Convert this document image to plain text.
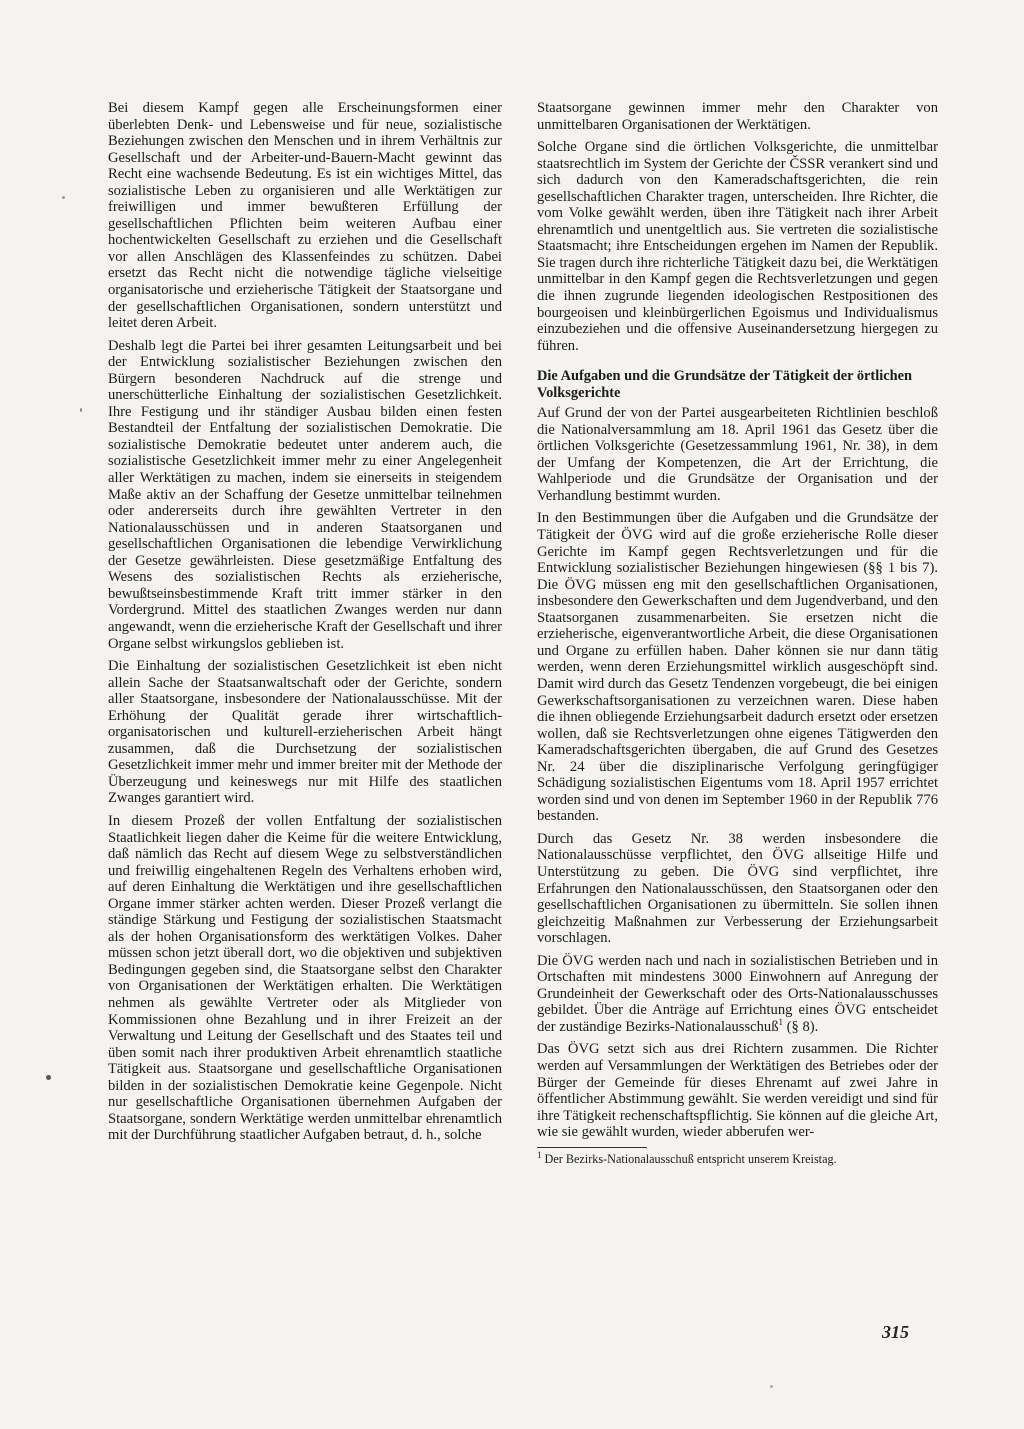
Bei diesem Kampf gegen alle Erscheinungsformen einer überlebten Denk- und Lebensweise und für neue, sozialistische Beziehungen zwischen den Menschen und in ihrem Verhältnis zur Gesellschaft und der Arbeiter-und-Bauern-Macht gewinnt das Recht eine wachsende Bedeutung. Es ist ein wichtiges Mittel, das sozialistische Leben zu organisieren und alle Werktätigen zur freiwilligen und immer bewußteren Erfüllung der gesellschaftlichen Pflichten beim weiteren Aufbau einer hochentwickelten Gesellschaft zu erziehen und die Gesellschaft vor allen Anschlägen des Klassenfeindes zu schützen. Dabei ersetzt das Recht nicht die notwendige tägliche vielseitige organisatorische und erzieherische Tätigkeit der Staatsorgane und der gesellschaftlichen Organisationen, sondern unterstützt und leitet deren Arbeit.

Deshalb legt die Partei bei ihrer gesamten Leitungsarbeit und bei der Entwicklung sozialistischer Beziehungen zwischen den Bürgern besonderen Nachdruck auf die strenge und unerschütterliche Einhaltung der sozialistischen Gesetzlichkeit. Ihre Festigung und ihr ständiger Ausbau bilden einen festen Bestandteil der Entfaltung der sozialistischen Demokratie. Die sozialistische Demokratie bedeutet unter anderem auch, die sozialistische Gesetzlichkeit immer mehr zu einer Angelegenheit aller Werktätigen zu machen, indem sie einerseits in steigendem Maße aktiv an der Schaffung der Gesetze unmittelbar teilnehmen oder andererseits durch ihre gewählten Vertreter in den Nationalausschüssen und in anderen Staatsorganen und gesellschaftlichen Organisationen die lebendige Verwirklichung der Gesetze gewährleisten. Diese gesetzmäßige Entfaltung des Wesens des sozialistischen Rechts als erzieherische, bewußtseinsbestimmende Kraft tritt immer stärker in den Vordergrund. Mittel des staatlichen Zwanges werden nur dann angewandt, wenn die erzieherische Kraft der Gesellschaft und ihrer Organe selbst wirkungslos geblieben ist.

Die Einhaltung der sozialistischen Gesetzlichkeit ist eben nicht allein Sache der Staatsanwaltschaft oder der Gerichte, sondern aller Staatsorgane, insbesondere der Nationalausschüsse. Mit der Erhöhung der Qualität gerade ihrer wirtschaftlich-organisatorischen und kulturell-erzieherischen Arbeit hängt zusammen, daß die Durchsetzung der sozialistischen Gesetzlichkeit immer mehr und immer breiter mit der Methode der Überzeugung und keineswegs nur mit Hilfe des staatlichen Zwanges garantiert wird.

In diesem Prozeß der vollen Entfaltung der sozialistischen Staatlichkeit liegen daher die Keime für die weitere Entwicklung, daß nämlich das Recht auf diesem Wege zu selbstverständlichen und freiwillig eingehaltenen Regeln des Verhaltens erhoben wird, auf deren Einhaltung die Werktätigen und ihre gesellschaftlichen Organe immer stärker achten werden. Dieser Prozeß verlangt die ständige Stärkung und Festigung der sozialistischen Staatsmacht als der hohen Organisationsform des werktätigen Volkes. Daher müssen schon jetzt überall dort, wo die objektiven und subjektiven Bedingungen gegeben sind, die Staatsorgane selbst den Charakter von Organisationen der Werktätigen erhalten. Die Werktätigen nehmen als gewählte Vertreter oder als Mitglieder von Kommissionen ohne Bezahlung und in ihrer Freizeit an der Verwaltung und Leitung der Gesellschaft und des Staates teil und üben somit nach ihrer produktiven Arbeit ehrenamtlich staatliche Tätigkeit aus. Staatsorgane und gesellschaftliche Organisationen bilden in der sozialistischen Demokratie keine Gegenpole. Nicht nur gesellschaftliche Organisationen übernehmen Aufgaben der Staatsorgane, sondern Werktätige werden unmittelbar ehrenamtlich mit der Durchführung staatlicher Aufgaben betraut, d. h., solche

Staatsorgane gewinnen immer mehr den Charakter von unmittelbaren Organisationen der Werktätigen.

Solche Organe sind die örtlichen Volksgerichte, die unmittelbar staatsrechtlich im System der Gerichte der ČSSR verankert sind und sich dadurch von den Kameradschaftsgerichten, die rein gesellschaftlichen Charakter tragen, unterscheiden. Ihre Richter, die vom Volke gewählt werden, üben ihre Tätigkeit nach ihrer Arbeit ehrenamtlich und unentgeltlich aus. Sie vertreten die sozialistische Staatsmacht; ihre Entscheidungen ergehen im Namen der Republik. Sie tragen durch ihre richterliche Tätigkeit dazu bei, die Werktätigen unmittelbar in den Kampf gegen die Rechtsverletzungen und gegen die ihnen zugrunde liegenden ideologischen Restpositionen des bourgeoisen und kleinbürgerlichen Egoismus und Individualismus einzubeziehen und die offensive Auseinandersetzung hiergegen zu führen.

Die Aufgaben und die Grundsätze der Tätigkeit der örtlichen Volksgerichte

Auf Grund der von der Partei ausgearbeiteten Richtlinien beschloß die Nationalversammlung am 18. April 1961 das Gesetz über die örtlichen Volksgerichte (Gesetzessammlung 1961, Nr. 38), in dem der Umfang der Kompetenzen, die Art der Errichtung, die Wahlperiode und die Grundsätze der Organisation und der Verhandlung bestimmt wurden.

In den Bestimmungen über die Aufgaben und die Grundsätze der Tätigkeit der ÖVG wird auf die große erzieherische Rolle dieser Gerichte im Kampf gegen Rechtsverletzungen und für die Entwicklung sozialistischer Beziehungen hingewiesen (§§ 1 bis 7). Die ÖVG müssen eng mit den gesellschaftlichen Organisationen, insbesondere den Gewerkschaften und dem Jugendverband, und den Staatsorganen zusammenarbeiten. Sie ersetzen nicht die erzieherische, eigenverantwortliche Arbeit, die diese Organisationen und Organe zu erfüllen haben. Daher können sie nur dann tätig werden, wenn deren Erziehungsmittel wirklich ausgeschöpft sind. Damit wird durch das Gesetz Tendenzen vorgebeugt, die bei einigen Gewerkschaftsorganisationen zu verzeichnen waren. Diese haben die ihnen obliegende Erziehungsarbeit dadurch ersetzt oder ersetzen wollen, daß sie Rechtsverletzungen ohne eigenes Tätigwerden den Kameradschaftsgerichten übergaben, die auf Grund des Gesetzes Nr. 24 über die disziplinarische Verfolgung geringfügiger Schädigung sozialistischen Eigentums vom 18. April 1957 errichtet worden sind und von denen im September 1960 in der Republik 776 bestanden.

Durch das Gesetz Nr. 38 werden insbesondere die Nationalausschüsse verpflichtet, den ÖVG allseitige Hilfe und Unterstützung zu geben. Die ÖVG sind verpflichtet, ihre Erfahrungen den Nationalausschüssen, den Staatsorganen oder den gesellschaftlichen Organisationen zu übermitteln. Sie sollen ihnen gleichzeitig Maßnahmen zur Verbesserung der Erziehungsarbeit vorschlagen.

Die ÖVG werden nach und nach in sozialistischen Betrieben und in Ortschaften mit mindestens 3000 Einwohnern auf Anregung der Grundeinheit der Gewerkschaft oder des Orts-Nationalausschusses gebildet. Über die Anträge auf Errichtung eines ÖVG entscheidet der zuständige Bezirks-Nationalausschuß$^1$ (§ 8).

Das ÖVG setzt sich aus drei Richtern zusammen. Die Richter werden auf Versammlungen der Werktätigen des Betriebes oder der Bürger der Gemeinde für dieses Ehrenamt auf zwei Jahre in öffentlicher Abstimmung gewählt. Sie werden vereidigt und sind für ihre Tätigkeit rechenschaftspflichtig. Sie können auf die gleiche Art, wie sie gewählt wurden, wieder abberufen wer-

$^1$ Der Bezirks-Nationalausschuß entspricht unserem Kreistag.

315
